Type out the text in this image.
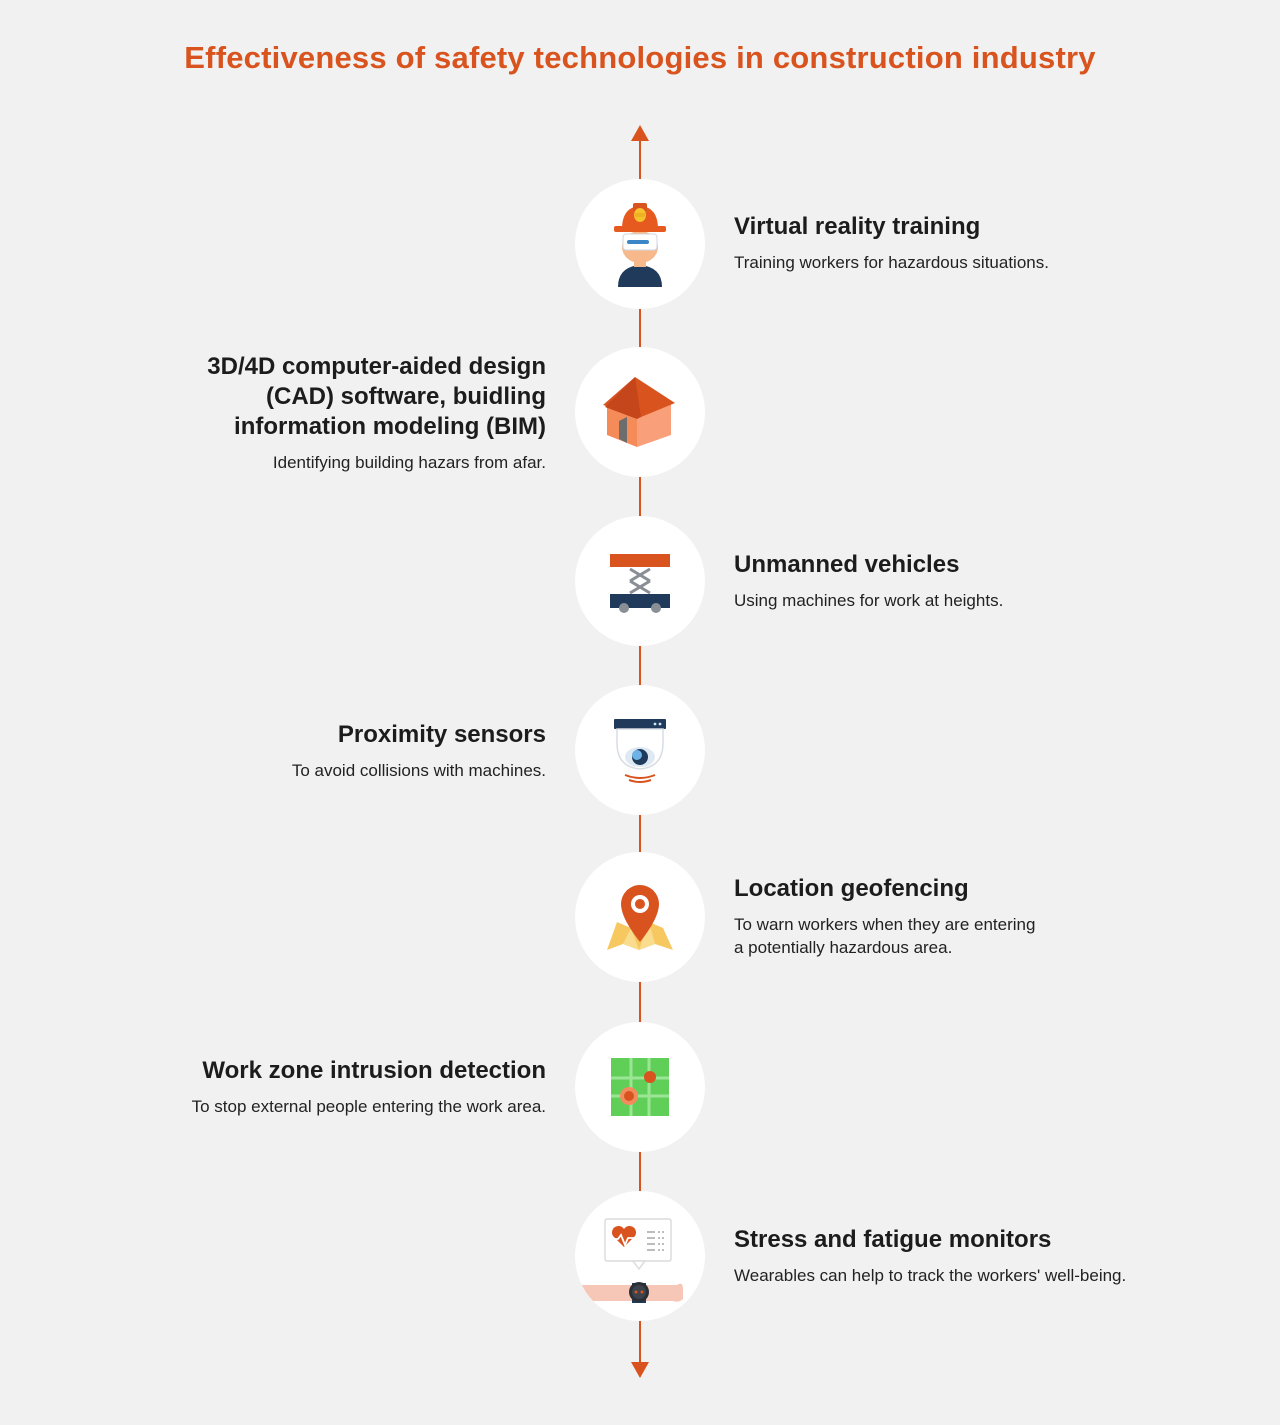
Effectiveness of safety technologies in construction industry
Virtual reality training
Training workers for hazardous situations.
3D/4D computer-aided design
(CAD) software, buidling
information modeling (BIM)
Identifying building hazars from afar.
Unmanned vehicles
Using machines for work at heights.
Proximity sensors
To avoid collisions with machines.
Location geofencing
To warn workers when they are entering
a potentially hazardous area.
Work zone intrusion detection
To stop external people entering the work area.
Stress and fatigue monitors
Wearables can help to track the workers' well-being.
